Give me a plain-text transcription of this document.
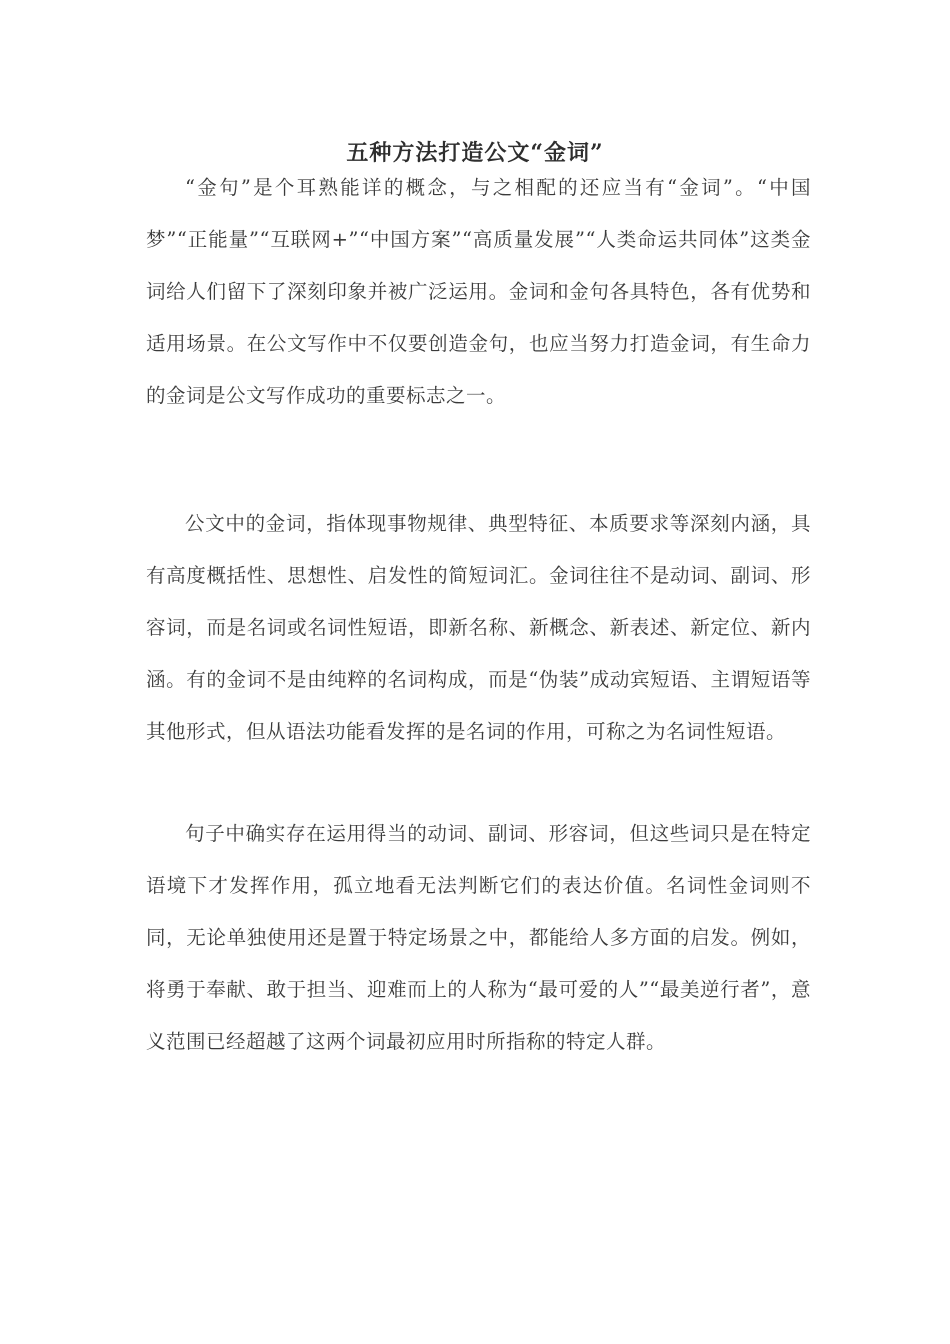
五种方法打造公文“金词”

“金句”是个耳熟能详的概念，与之相配的还应当有“金词”。“中国梦”“正能量”“互联网+”“中国方案”“高质量发展”“人类命运共同体”这类金词给人们留下了深刻印象并被广泛运用。金词和金句各具特色，各有优势和适用场景。在公文写作中不仅要创造金句，也应当努力打造金词，有生命力的金词是公文写作成功的重要标志之一。

公文中的金词，指体现事物规律、典型特征、本质要求等深刻内涵，具有高度概括性、思想性、启发性的简短词汇。金词往往不是动词、副词、形容词，而是名词或名词性短语，即新名称、新概念、新表述、新定位、新内涵。有的金词不是由纯粹的名词构成，而是“伪装”成动宾短语、主谓短语等其他形式，但从语法功能看发挥的是名词的作用，可称之为名词性短语。

句子中确实存在运用得当的动词、副词、形容词，但这些词只是在特定语境下才发挥作用，孤立地看无法判断它们的表达价值。名词性金词则不同，无论单独使用还是置于特定场景之中，都能给人多方面的启发。例如，将勇于奉献、敢于担当、迎难而上的人称为“最可爱的人”“最美逆行者”，意义范围已经超越了这两个词最初应用时所指称的特定人群。
